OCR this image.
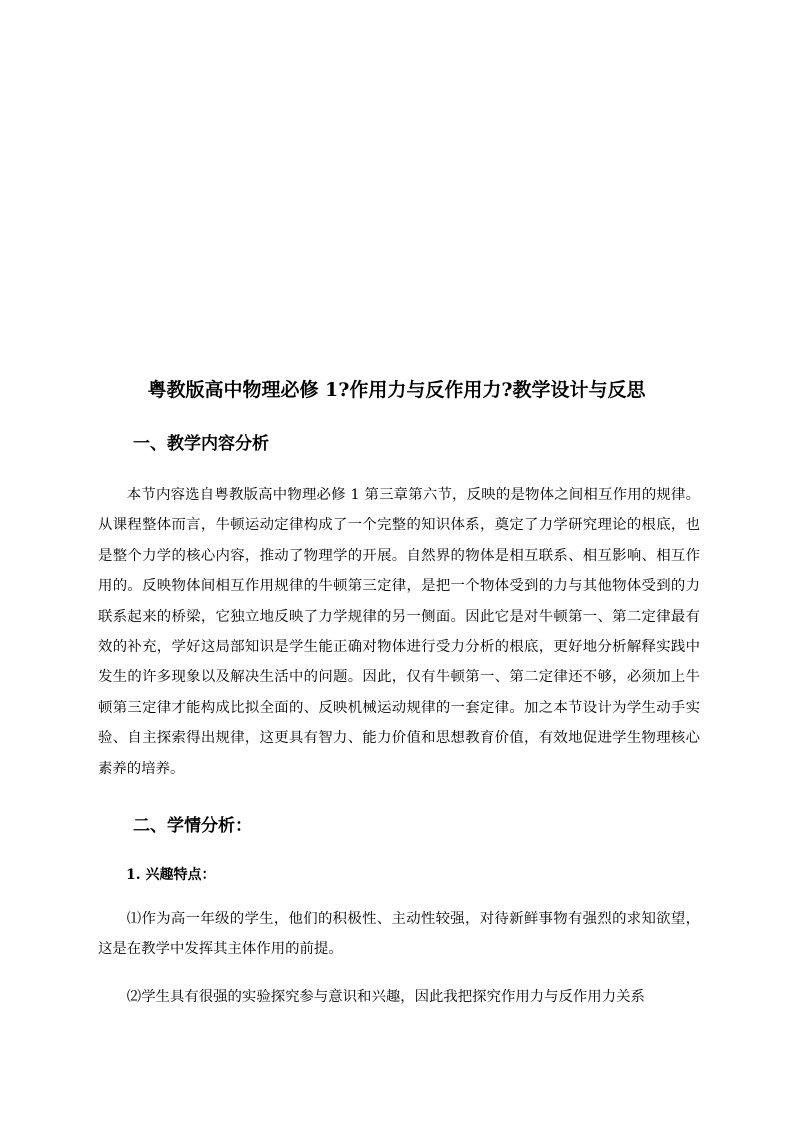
粤教版高中物理必修 1?作用力与反作用力?教学设计与反思
一、教学内容分析

本节内容选自粤教版高中物理必修 1 第三章第六节，反映的是物体之间相互作用的规律。从课程整体而言，牛顿运动定律构成了一个完整的知识体系，奠定了力学研究理论的根底，也是整个力学的核心内容，推动了物理学的开展。自然界的物体是相互联系、相互影响、相互作用的。反映物体间相互作用规律的牛顿第三定律，是把一个物体受到的力与其他物体受到的力联系起来的桥梁，它独立地反映了力学规律的另一侧面。因此它是对牛顿第一、第二定律最有效的补充，学好这局部知识是学生能正确对物体进行受力分析的根底，更好地分析解释实践中发生的许多现象以及解决生活中的问题。因此，仅有牛顿第一、第二定律还不够，必须加上牛顿第三定律才能构成比拟全面的、反映机械运动规律的一套定律。加之本节设计为学生动手实验、自主探索得出规律，这更具有智力、能力价值和思想教育价值，有效地促进学生物理核心素养的培养。

二、学情分析：
1. 兴趣特点：

⑴作为高一年级的学生，他们的积极性、主动性较强，对待新鲜事物有强烈的求知欲望，这是在教学中发挥其主体作用的前提。

⑵学生具有很强的实验探究参与意识和兴趣，因此我把探究作用力与反作用力关系
